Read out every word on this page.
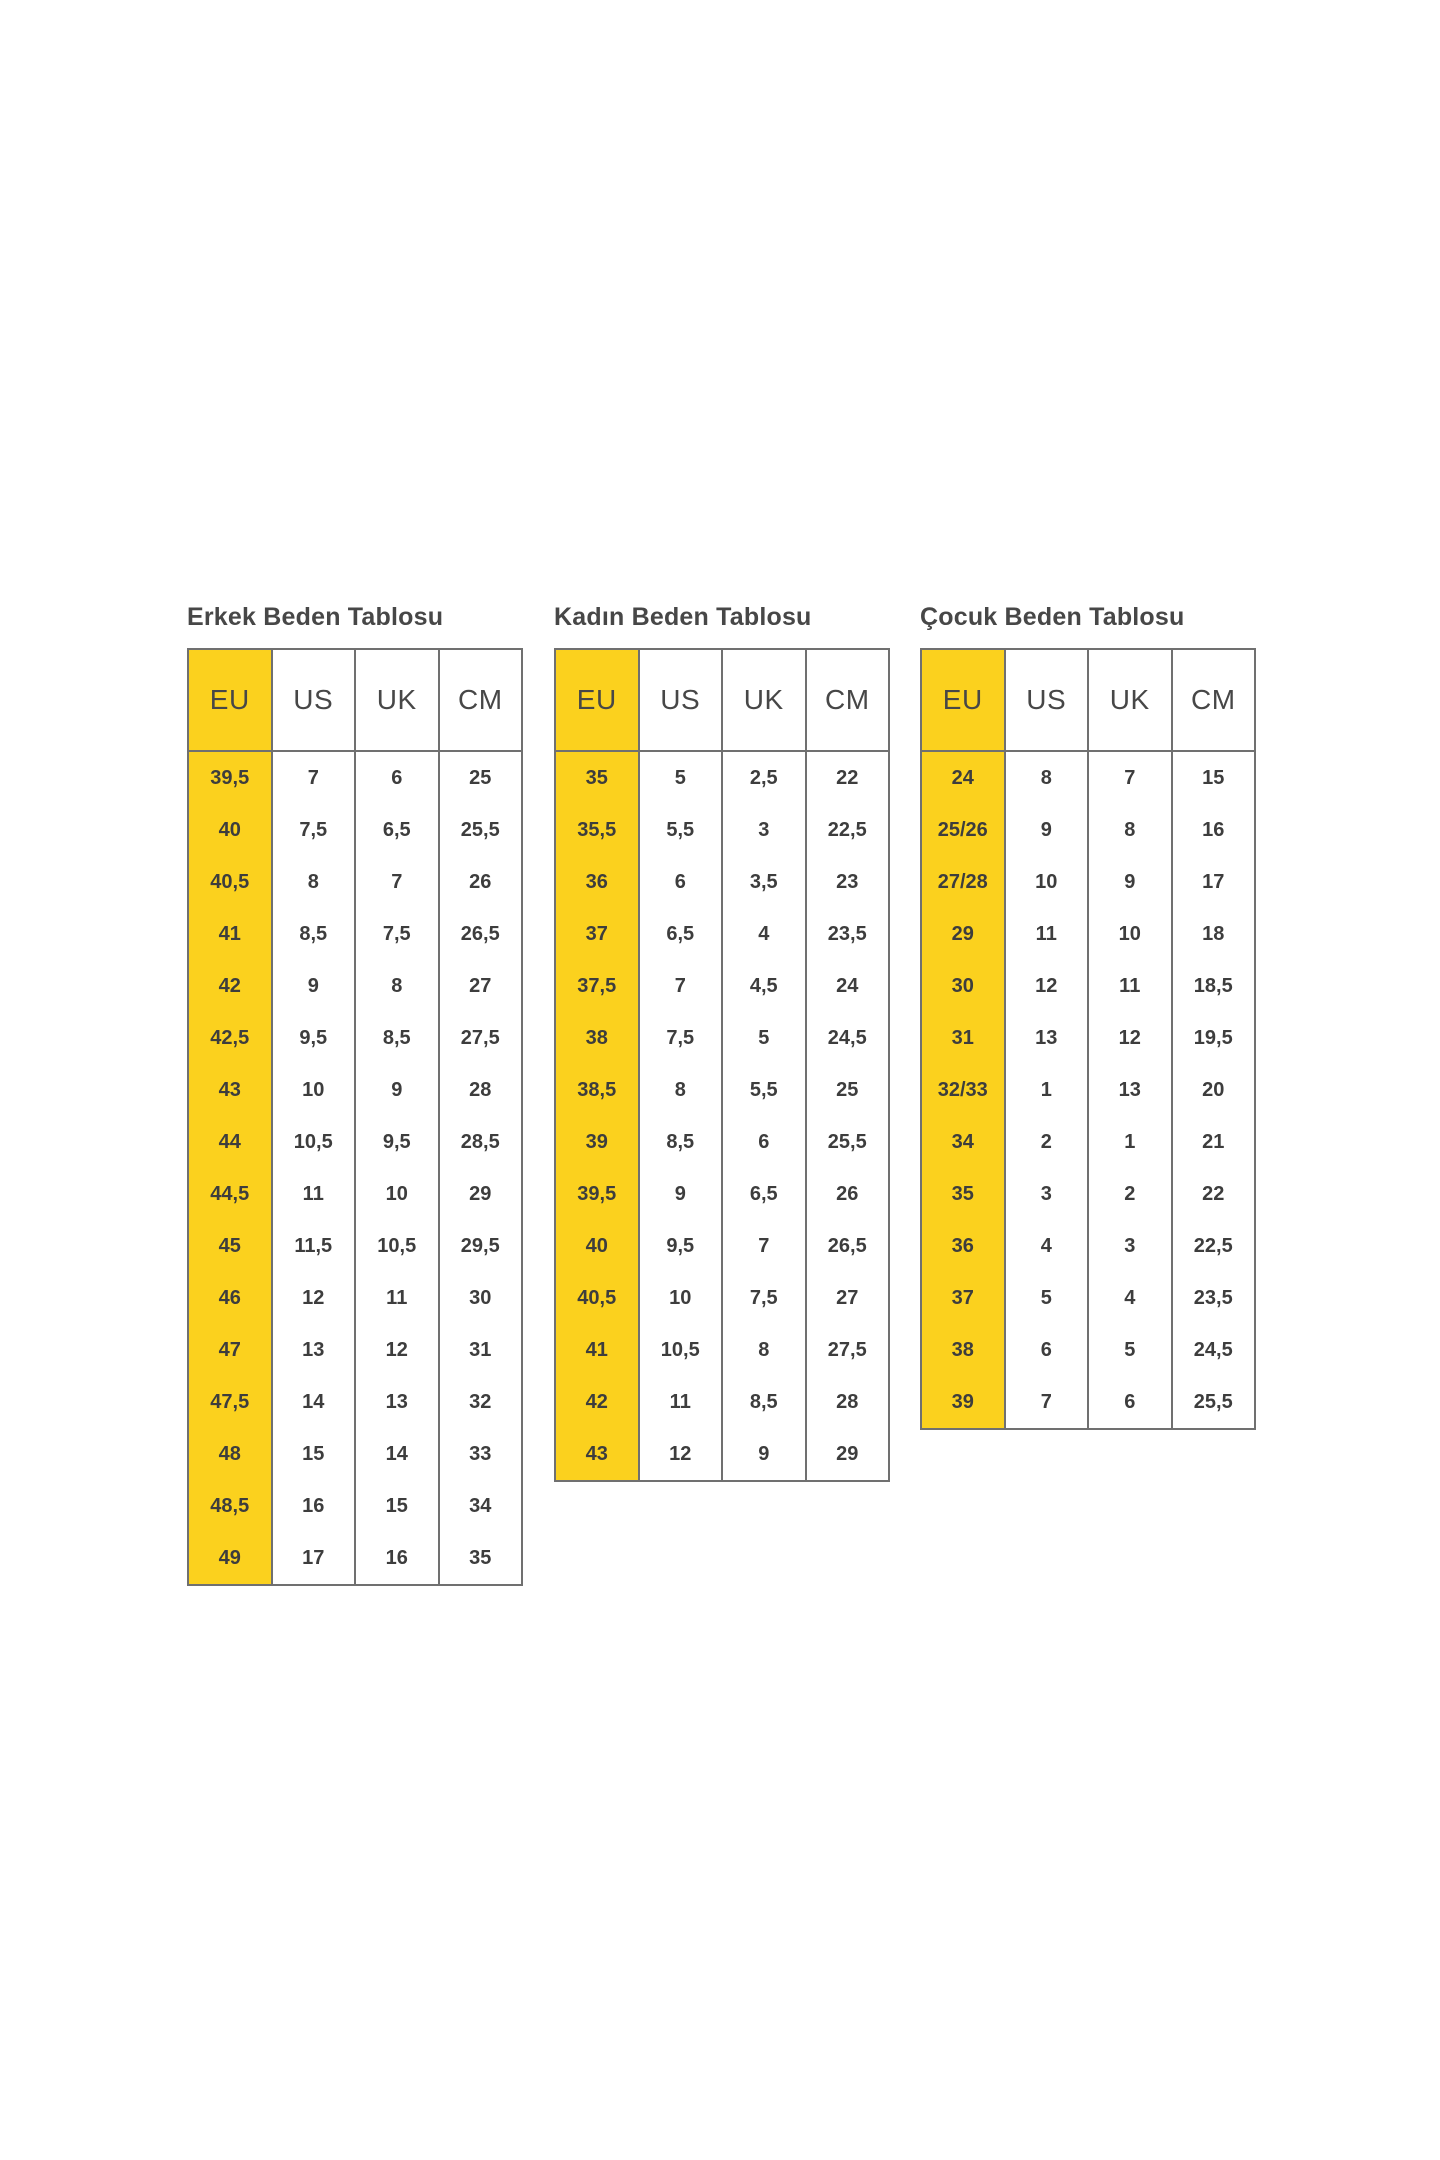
Erkek Beden Tablosu
EU	US	UK	CM
39,5	7	6	25
40	7,5	6,5	25,5
40,5	8	7	26
41	8,5	7,5	26,5
42	9	8	27
42,5	9,5	8,5	27,5
43	10	9	28
44	10,5	9,5	28,5
44,5	11	10	29
45	11,5	10,5	29,5
46	12	11	30
47	13	12	31
47,5	14	13	32
48	15	14	33
48,5	16	15	34
49	17	16	35
Kadın Beden Tablosu
EU	US	UK	CM
35	5	2,5	22
35,5	5,5	3	22,5
36	6	3,5	23
37	6,5	4	23,5
37,5	7	4,5	24
38	7,5	5	24,5
38,5	8	5,5	25
39	8,5	6	25,5
39,5	9	6,5	26
40	9,5	7	26,5
40,5	10	7,5	27
41	10,5	8	27,5
42	11	8,5	28
43	12	9	29
Çocuk Beden Tablosu
EU	US	UK	CM
24	8	7	15
25/26	9	8	16
27/28	10	9	17
29	11	10	18
30	12	11	18,5
31	13	12	19,5
32/33	1	13	20
34	2	1	21
35	3	2	22
36	4	3	22,5
37	5	4	23,5
38	6	5	24,5
39	7	6	25,5
